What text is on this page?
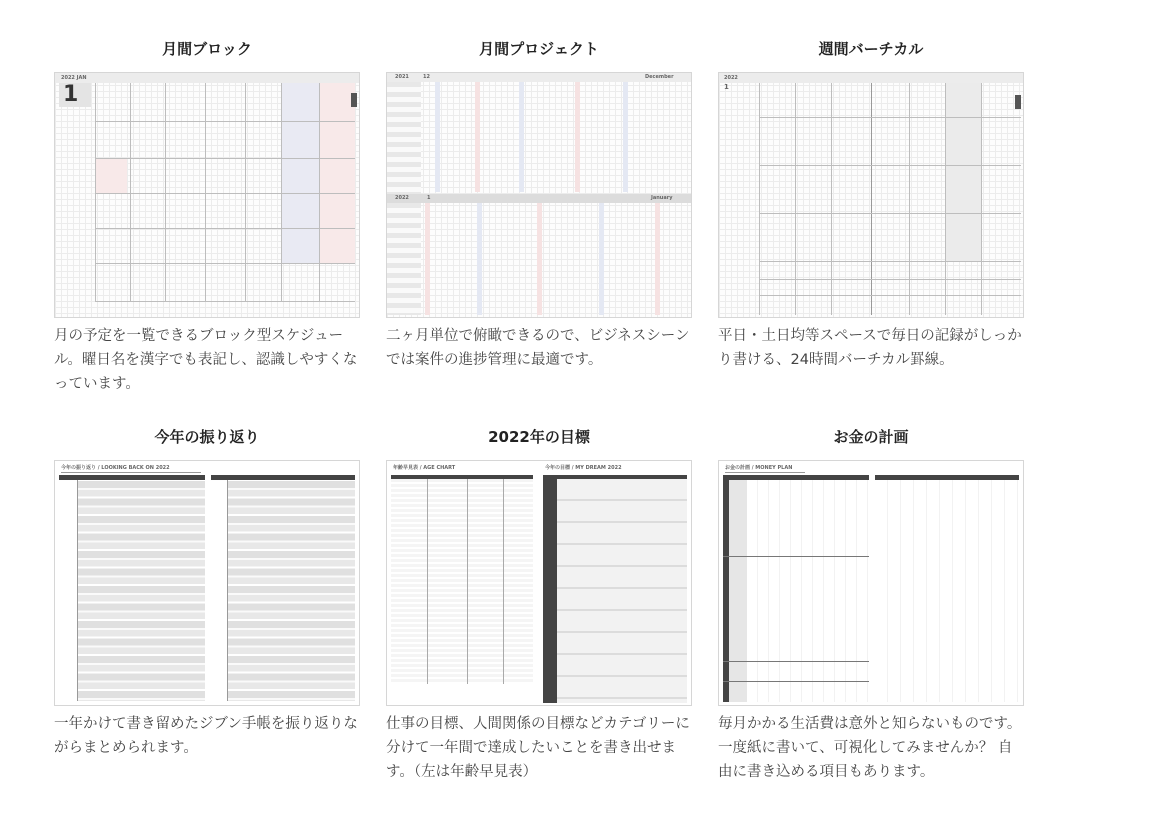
月間ブロック
2022 JAN
1
月の予定を一覧できるブロック型スケジュール。曜日名を漢字でも表記し、認識しやすくなっています。
月間プロジェクト
2021	12	December
2022	1	January
二ヶ月単位で俯瞰できるので、ビジネスシーンでは案件の進捗管理に最適です。
週間バーチカル
2022
1
平日・土日均等スペースで毎日の記録がしっかり書ける、24時間バーチカル罫線。
今年の振り返り
今年の振り返り / LOOKING BACK ON 2022
一年かけて書き留めたジブン手帳を振り返りながらまとめられます。
2022年の目標
年齢早見表 / AGE CHART	今年の目標 / MY DREAM 2022
仕事の目標、人間関係の目標などカテゴリーに分けて一年間で達成したいことを書き出せます。（左は年齢早見表）
お金の計画
お金の計画 / MONEY PLAN
毎月かかる生活費は意外と知らないものです。 一度紙に書いて、可視化してみませんか？ 自由に書き込める項目もあります。
